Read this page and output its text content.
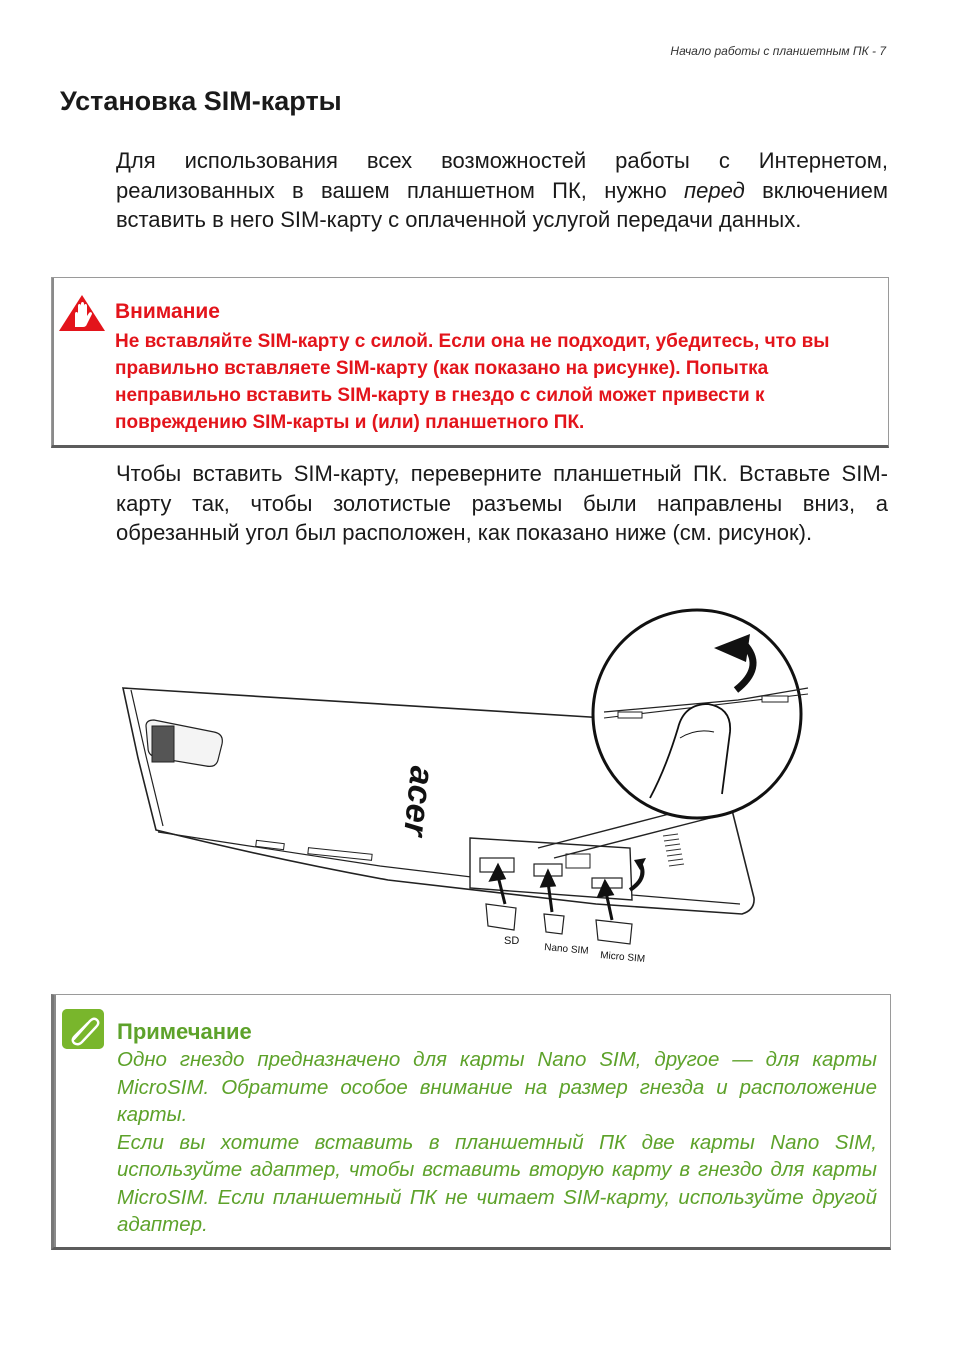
Начало работы с планшетным ПК - 7
Установка SIM-карты

Для использования всех возможностей работы с Интернетом, реализованных в вашем планшетном ПК, нужно перед включением вставить в него SIM-карту с оплаченной услугой передачи данных.

Внимание
Не вставляйте SIM-карту с силой. Если она не подходит, убедитесь, что вы правильно вставляете SIM-карту (как показано на рисунке). Попытка неправильно вставить SIM-карту в гнездо с силой может привести к повреждению SIM-карты и (или) планшетного ПК.

Чтобы вставить SIM-карту, переверните планшетный ПК. Вставьте SIM-карту так, чтобы золотистые разъемы были направлены вниз, а обрезанный угол был расположен, как показано ниже (см. рисунок).

acer
SD
Nano SIM
Micro SIM
Примечание

Одно гнездо предназначено для карты Nano SIM, другое — для карты MicroSIM. Обратите особое внимание на размер гнезда и расположение карты.

Если вы хотите вставить в планшетный ПК две карты Nano SIM, используйте адаптер, чтобы вставить вторую карту в гнездо для карты MicroSIM. Если планшетный ПК не читает SIM-карту, используйте другой адаптер.
